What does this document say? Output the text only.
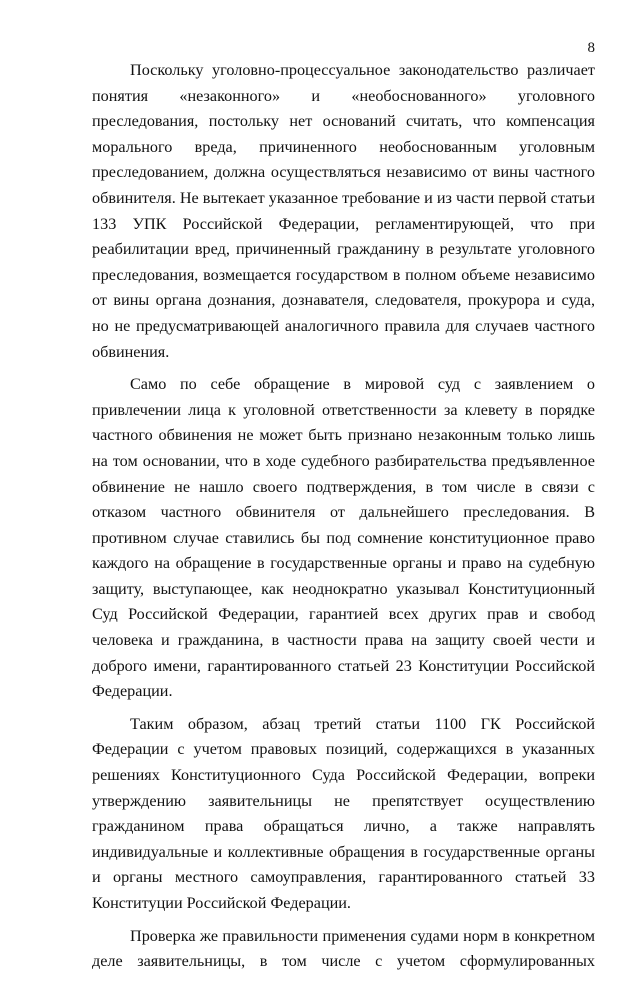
8

Поскольку уголовно-процессуальное законодательство различает понятия «незаконного» и «необоснованного» уголовного преследования, постольку нет оснований считать, что компенсация морального вреда, причиненного необоснованным уголовным преследованием, должна осуществляться независимо от вины частного обвинителя. Не вытекает указанное требование и из части первой статьи 133 УПК Российской Федерации, регламентирующей, что при реабилитации вред, причиненный гражданину в результате уголовного преследования, возмещается государством в полном объеме независимо от вины органа дознания, дознавателя, следователя, прокурора и суда, но не предусматривающей аналогичного правила для случаев частного обвинения.

Само по себе обращение в мировой суд с заявлением о привлечении лица к уголовной ответственности за клевету в порядке частного обвинения не может быть признано незаконным только лишь на том основании, что в ходе судебного разбирательства предъявленное обвинение не нашло своего подтверждения, в том числе в связи с отказом частного обвинителя от дальнейшего преследования. В противном случае ставились бы под сомнение конституционное право каждого на обращение в государственные органы и право на судебную защиту, выступающее, как неоднократно указывал Конституционный Суд Российской Федерации, гарантией всех других прав и свобод человека и гражданина, в частности права на защиту своей чести и доброго имени, гарантированного статьей 23 Конституции Российской Федерации.

Таким образом, абзац третий статьи 1100 ГК Российской Федерации с учетом правовых позиций, содержащихся в указанных решениях Конституционного Суда Российской Федерации, вопреки утверждению заявительницы не препятствует осуществлению гражданином права обращаться лично, а также направлять индивидуальные и коллективные обращения в государственные органы и органы местного самоуправления, гарантированного статьей 33 Конституции Российской Федерации.

Проверка же правильности применения судами норм в конкретном деле заявительницы, в том числе с учетом сформулированных
